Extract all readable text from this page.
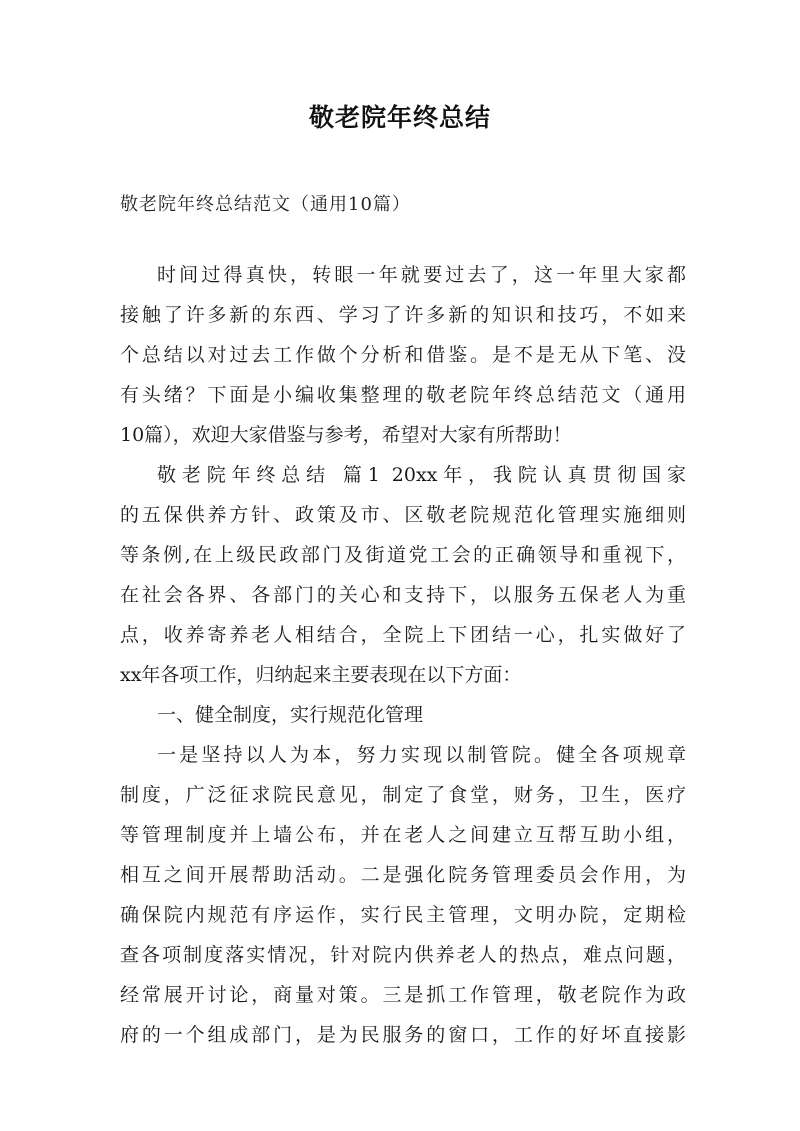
敬老院年终总结
敬老院年终总结范文（通用10篇）
时间过得真快，转眼一年就要过去了，这一年里大家都
接触了许多新的东西、学习了许多新的知识和技巧，不如来
个总结以对过去工作做个分析和借鉴。是不是无从下笔、没
有头绪？下面是小编收集整理的敬老院年终总结范文（通用
10篇），欢迎大家借鉴与参考，希望对大家有所帮助！
敬老院年终总结 篇1 20xx年，我院认真贯彻国家
的五保供养方针、政策及市、区敬老院规范化管理实施细则
等条例,在上级民政部门及街道党工会的正确领导和重视下，
在社会各界、各部门的关心和支持下，以服务五保老人为重
点，收养寄养老人相结合，全院上下团结一心，扎实做好了
xx年各项工作，归纳起来主要表现在以下方面：
一、健全制度，实行规范化管理
一是坚持以人为本，努力实现以制管院。健全各项规章
制度，广泛征求院民意见，制定了食堂，财务，卫生，医疗
等管理制度并上墙公布，并在老人之间建立互帮互助小组，
相互之间开展帮助活动。二是强化院务管理委员会作用，为
确保院内规范有序运作，实行民主管理，文明办院，定期检
查各项制度落实情况，针对院内供养老人的热点，难点问题，
经常展开讨论，商量对策。三是抓工作管理，敬老院作为政
府的一个组成部门，是为民服务的窗口，工作的好坏直接影
